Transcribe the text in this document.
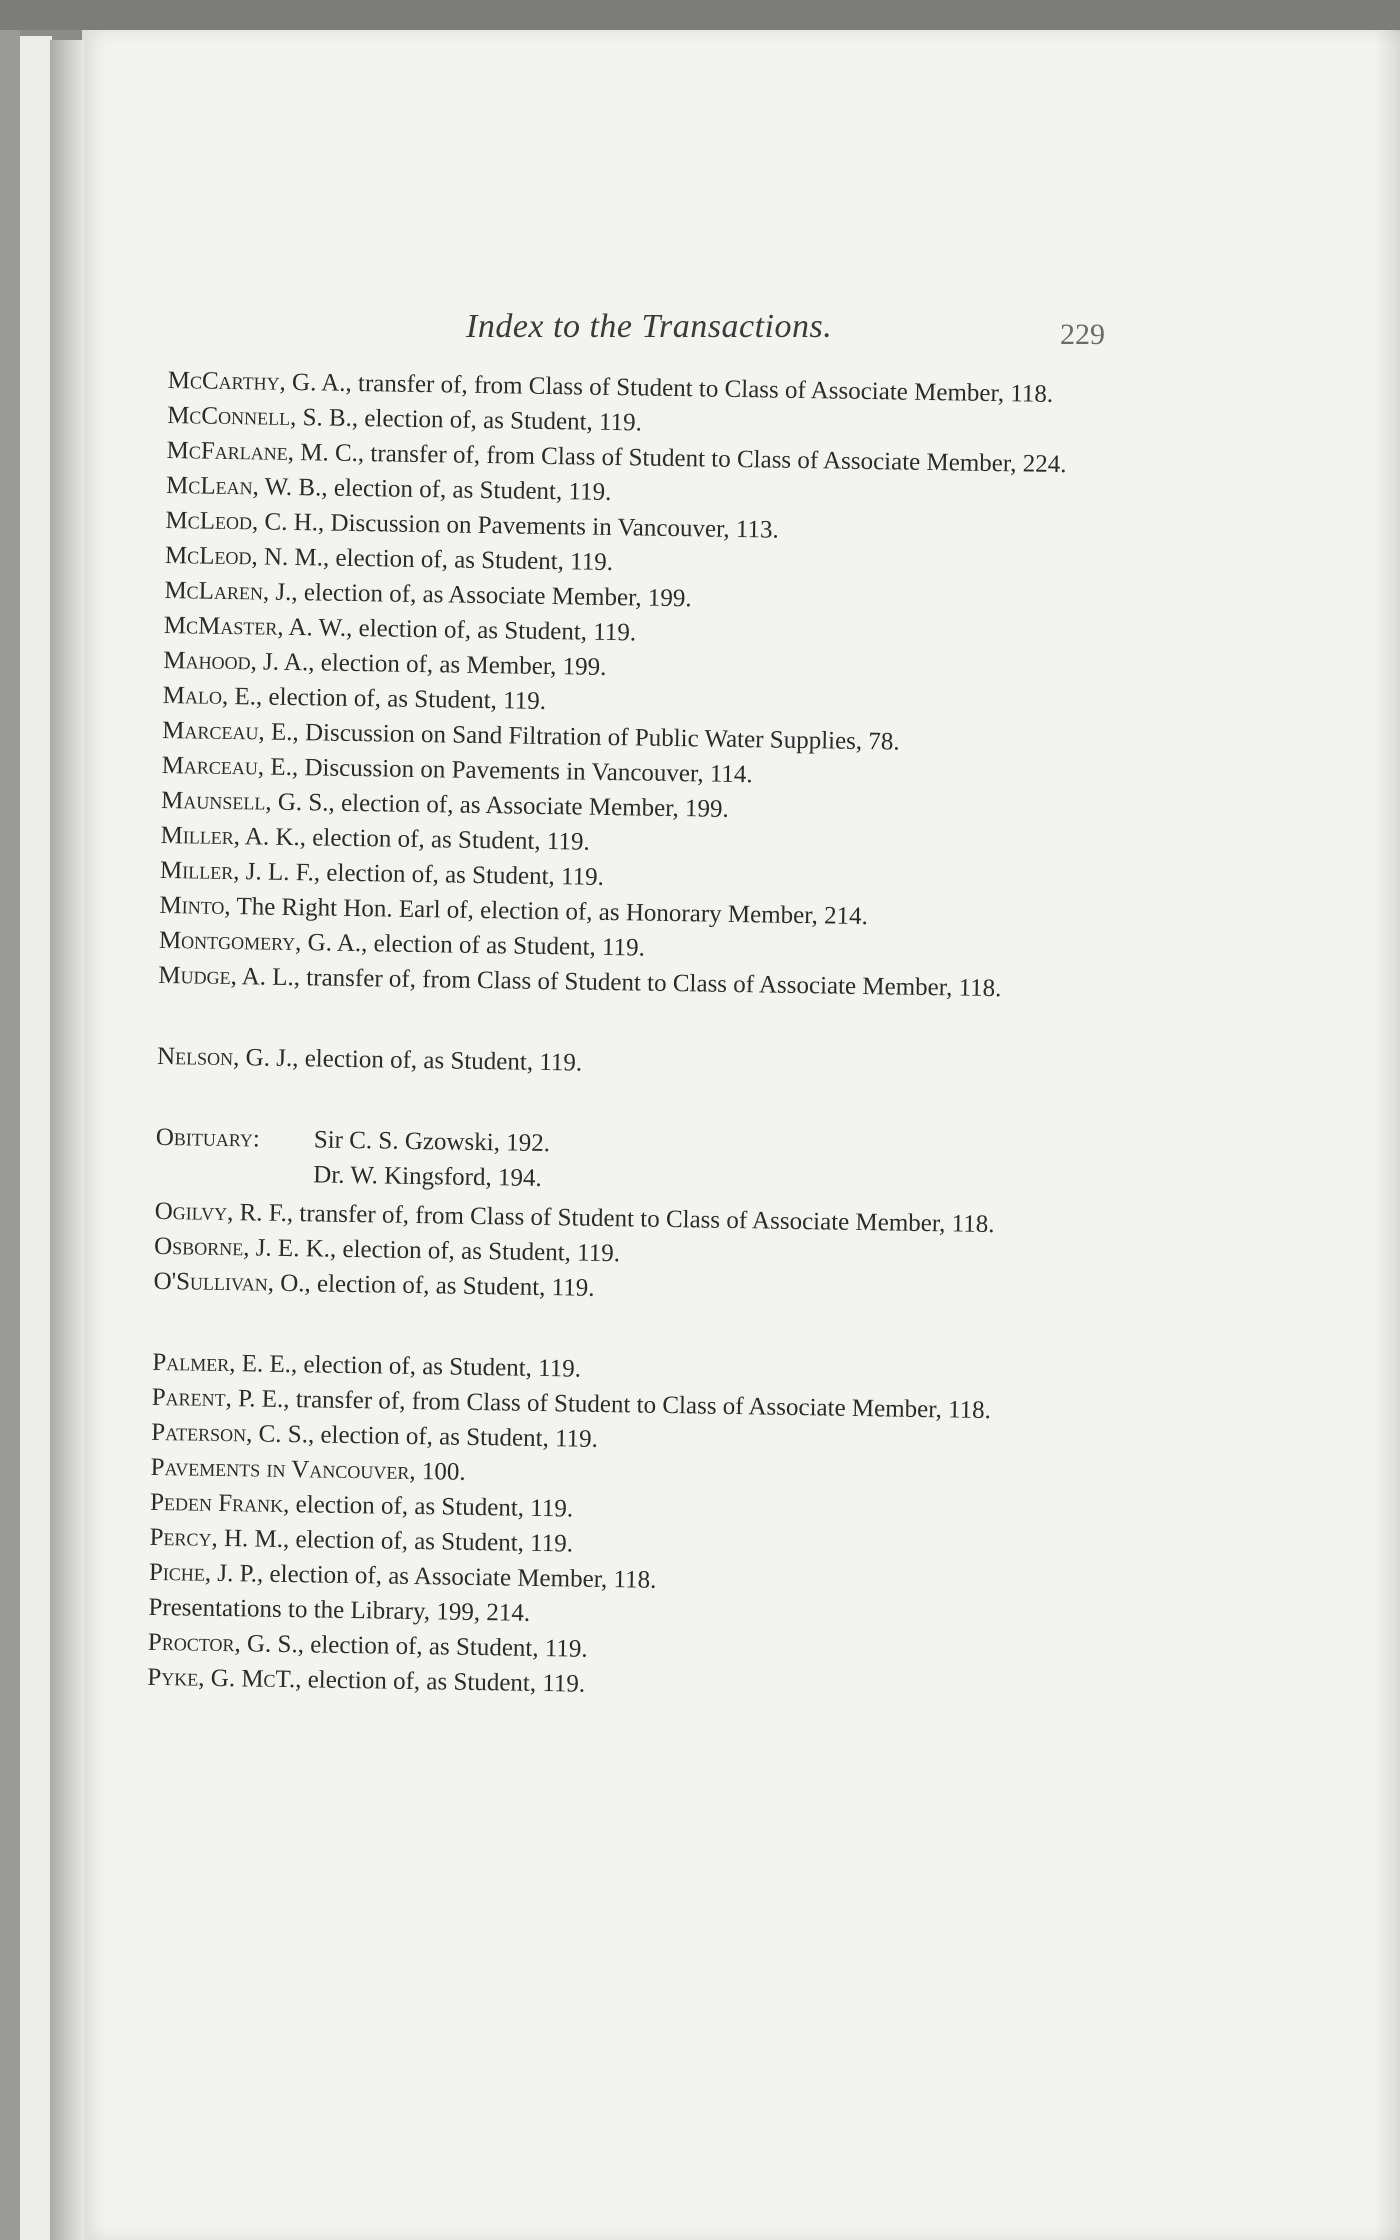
Index to the Transactions.	229
McCarthy, G. A., transfer of, from Class of Student to Class of Associate Member, 118.
McConnell, S. B., election of, as Student, 119.
McFarlane, M. C., transfer of, from Class of Student to Class of Associate Member, 224.
McLean, W. B., election of, as Student, 119.
McLeod, C. H., Discussion on Pavements in Vancouver, 113.
McLeod, N. M., election of, as Student, 119.
McLaren, J., election of, as Associate Member, 199.
McMaster, A. W., election of, as Student, 119.
Mahood, J. A., election of, as Member, 199.
Malo, E., election of, as Student, 119.
Marceau, E., Discussion on Sand Filtration of Public Water Supplies, 78.
Marceau, E., Discussion on Pavements in Vancouver, 114.
Maunsell, G. S., election of, as Associate Member, 199.
Miller, A. K., election of, as Student, 119.
Miller, J. L. F., election of, as Student, 119.
Minto, The Right Hon. Earl of, election of, as Honorary Member, 214.
Montgomery, G. A., election of as Student, 119.
Mudge, A. L., transfer of, from Class of Student to Class of Associate Member, 118.
Nelson, G. J., election of, as Student, 119.
Obituary:	Sir C. S. Gzowski, 192.
Dr. W. Kingsford, 194.
Ogilvy, R. F., transfer of, from Class of Student to Class of Associate Member, 118.
Osborne, J. E. K., election of, as Student, 119.
O'Sullivan, O., election of, as Student, 119.
Palmer, E. E., election of, as Student, 119.
Parent, P. E., transfer of, from Class of Student to Class of Associate Member, 118.
Paterson, C. S., election of, as Student, 119.
Pavements in Vancouver, 100.
Peden Frank, election of, as Student, 119.
Percy, H. M., election of, as Student, 119.
Piche, J. P., election of, as Associate Member, 118.
Presentations to the Library, 199, 214.
Proctor, G. S., election of, as Student, 119.
Pyke, G. McT., election of, as Student, 119.
